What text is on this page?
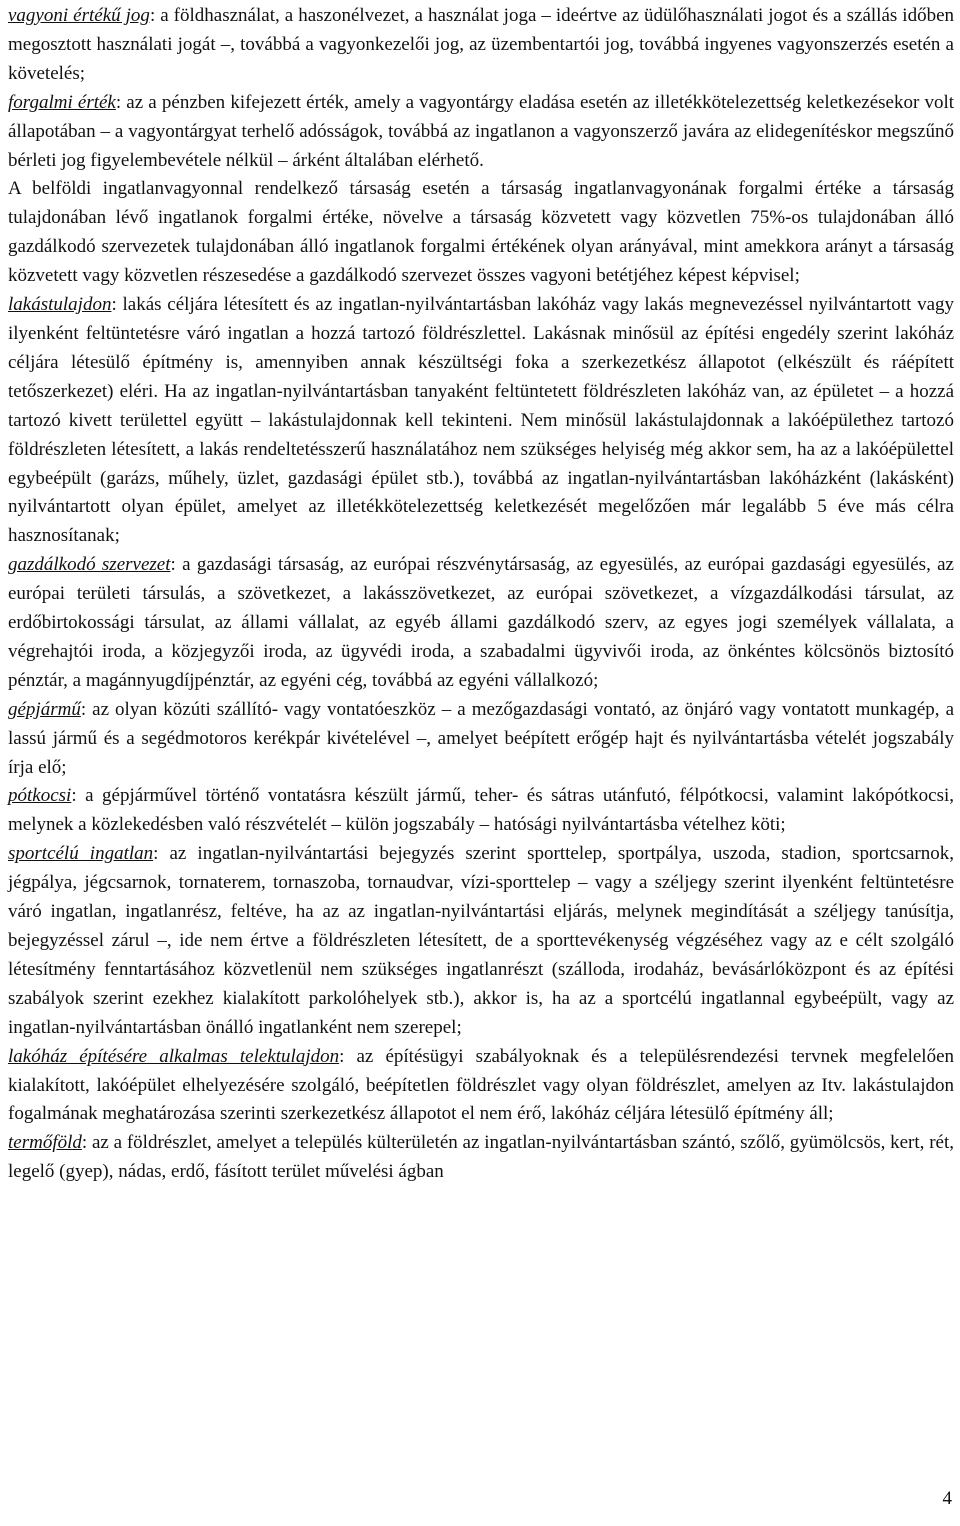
vagyoni értékű jog: a földhasználat, a haszonélvezet, a használat joga – ideértve az üdülőhasználati jogot és a szállás időben megosztott használati jogát –, továbbá a vagyonkezelői jog, az üzembentartói jog, továbbá ingyenes vagyonszerzés esetén a követelés;

forgalmi érték: az a pénzben kifejezett érték, amely a vagyontárgy eladása esetén az illetékkötelezettség keletkezésekor volt állapotában – a vagyontárgyat terhelő adósságok, továbbá az ingatlanon a vagyonszerző javára az elidegenítéskor megszűnő bérleti jog figyelembevétele nélkül – árként általában elérhető.

A belföldi ingatlanvagyonnal rendelkező társaság esetén a társaság ingatlanvagyonának forgalmi értéke a társaság tulajdonában lévő ingatlanok forgalmi értéke, növelve a társaság közvetett vagy közvetlen 75%-os tulajdonában álló gazdálkodó szervezetek tulajdonában álló ingatlanok forgalmi értékének olyan arányával, mint amekkora arányt a társaság közvetett vagy közvetlen részesedése a gazdálkodó szervezet összes vagyoni betétjéhez képest képvisel;

lakástulajdon: lakás céljára létesített és az ingatlan-nyilvántartásban lakóház vagy lakás megnevezéssel nyilvántartott vagy ilyenként feltüntetésre váró ingatlan a hozzá tartozó földrészlettel. Lakásnak minősül az építési engedély szerint lakóház céljára létesülő építmény is, amennyiben annak készültségi foka a szerkezetkész állapotot (elkészült és ráépített tetőszerkezet) eléri. Ha az ingatlan-nyilvántartásban tanyaként feltüntetett földrészleten lakóház van, az épületet – a hozzá tartozó kivett területtel együtt – lakástulajdonnak kell tekinteni. Nem minősül lakástulajdonnak a lakóépülethez tartozó földrészleten létesített, a lakás rendeltetésszerű használatához nem szükséges helyiség még akkor sem, ha az a lakóépülettel egybeépült (garázs, műhely, üzlet, gazdasági épület stb.), továbbá az ingatlan-nyilvántartásban lakóházként (lakásként) nyilvántartott olyan épület, amelyet az illetékkötelezettség keletkezését megelőzően már legalább 5 éve más célra hasznosítanak;

gazdálkodó szervezet: a gazdasági társaság, az európai részvénytársaság, az egyesülés, az európai gazdasági egyesülés, az európai területi társulás, a szövetkezet, a lakásszövetkezet, az európai szövetkezet, a vízgazdálkodási társulat, az erdőbirtokossági társulat, az állami vállalat, az egyéb állami gazdálkodó szerv, az egyes jogi személyek vállalata, a végrehajtói iroda, a közjegyzői iroda, az ügyvédi iroda, a szabadalmi ügyvivői iroda, az önkéntes kölcsönös biztosító pénztár, a magánnyugdíjpénztár, az egyéni cég, továbbá az egyéni vállalkozó;

gépjármű: az olyan közúti szállító- vagy vontatóeszköz – a mezőgazdasági vontató, az önjáró vagy vontatott munkagép, a lassú jármű és a segédmotoros kerékpár kivételével –, amelyet beépített erőgép hajt és nyilvántartásba vételét jogszabály írja elő;

pótkocsi: a gépjárművel történő vontatásra készült jármű, teher- és sátras utánfutó, félpótkocsi, valamint lakópótkocsi, melynek a közlekedésben való részvételét – külön jogszabály – hatósági nyilvántartásba vételhez köti;

sportcélú ingatlan: az ingatlan-nyilvántartási bejegyzés szerint sporttelep, sportpálya, uszoda, stadion, sportcsarnok, jégpálya, jégcsarnok, tornaterem, tornaszoba, tornaudvar, vízi-sporttelep – vagy a széljegy szerint ilyenként feltüntetésre váró ingatlan, ingatlanrész, feltéve, ha az az ingatlan-nyilvántartási eljárás, melynek megindítását a széljegy tanúsítja, bejegyzéssel zárul –, ide nem értve a földrészleten létesített, de a sporttevékenység végzéséhez vagy az e célt szolgáló létesítmény fenntartásához közvetlenül nem szükséges ingatlanrészt (szálloda, irodaház, bevásárlóközpont és az építési szabályok szerint ezekhez kialakított parkolóhelyek stb.), akkor is, ha az a sportcélú ingatlannal egybeépült, vagy az ingatlan-nyilvántartásban önálló ingatlanként nem szerepel;

lakóház építésére alkalmas telektulajdon: az építésügyi szabályoknak és a településrendezési tervnek megfelelően kialakított, lakóépület elhelyezésére szolgáló, beépítetlen földrészlet vagy olyan földrészlet, amelyen az Itv. lakástulajdon fogalmának meghatározása szerinti szerkezetkész állapotot el nem érő, lakóház céljára létesülő építmény áll;

termőföld: az a földrészlet, amelyet a település külterületén az ingatlan-nyilvántartásban szántó, szőlő, gyümölcsös, kert, rét, legelő (gyep), nádas, erdő, fásított terület művelési ágban

4
